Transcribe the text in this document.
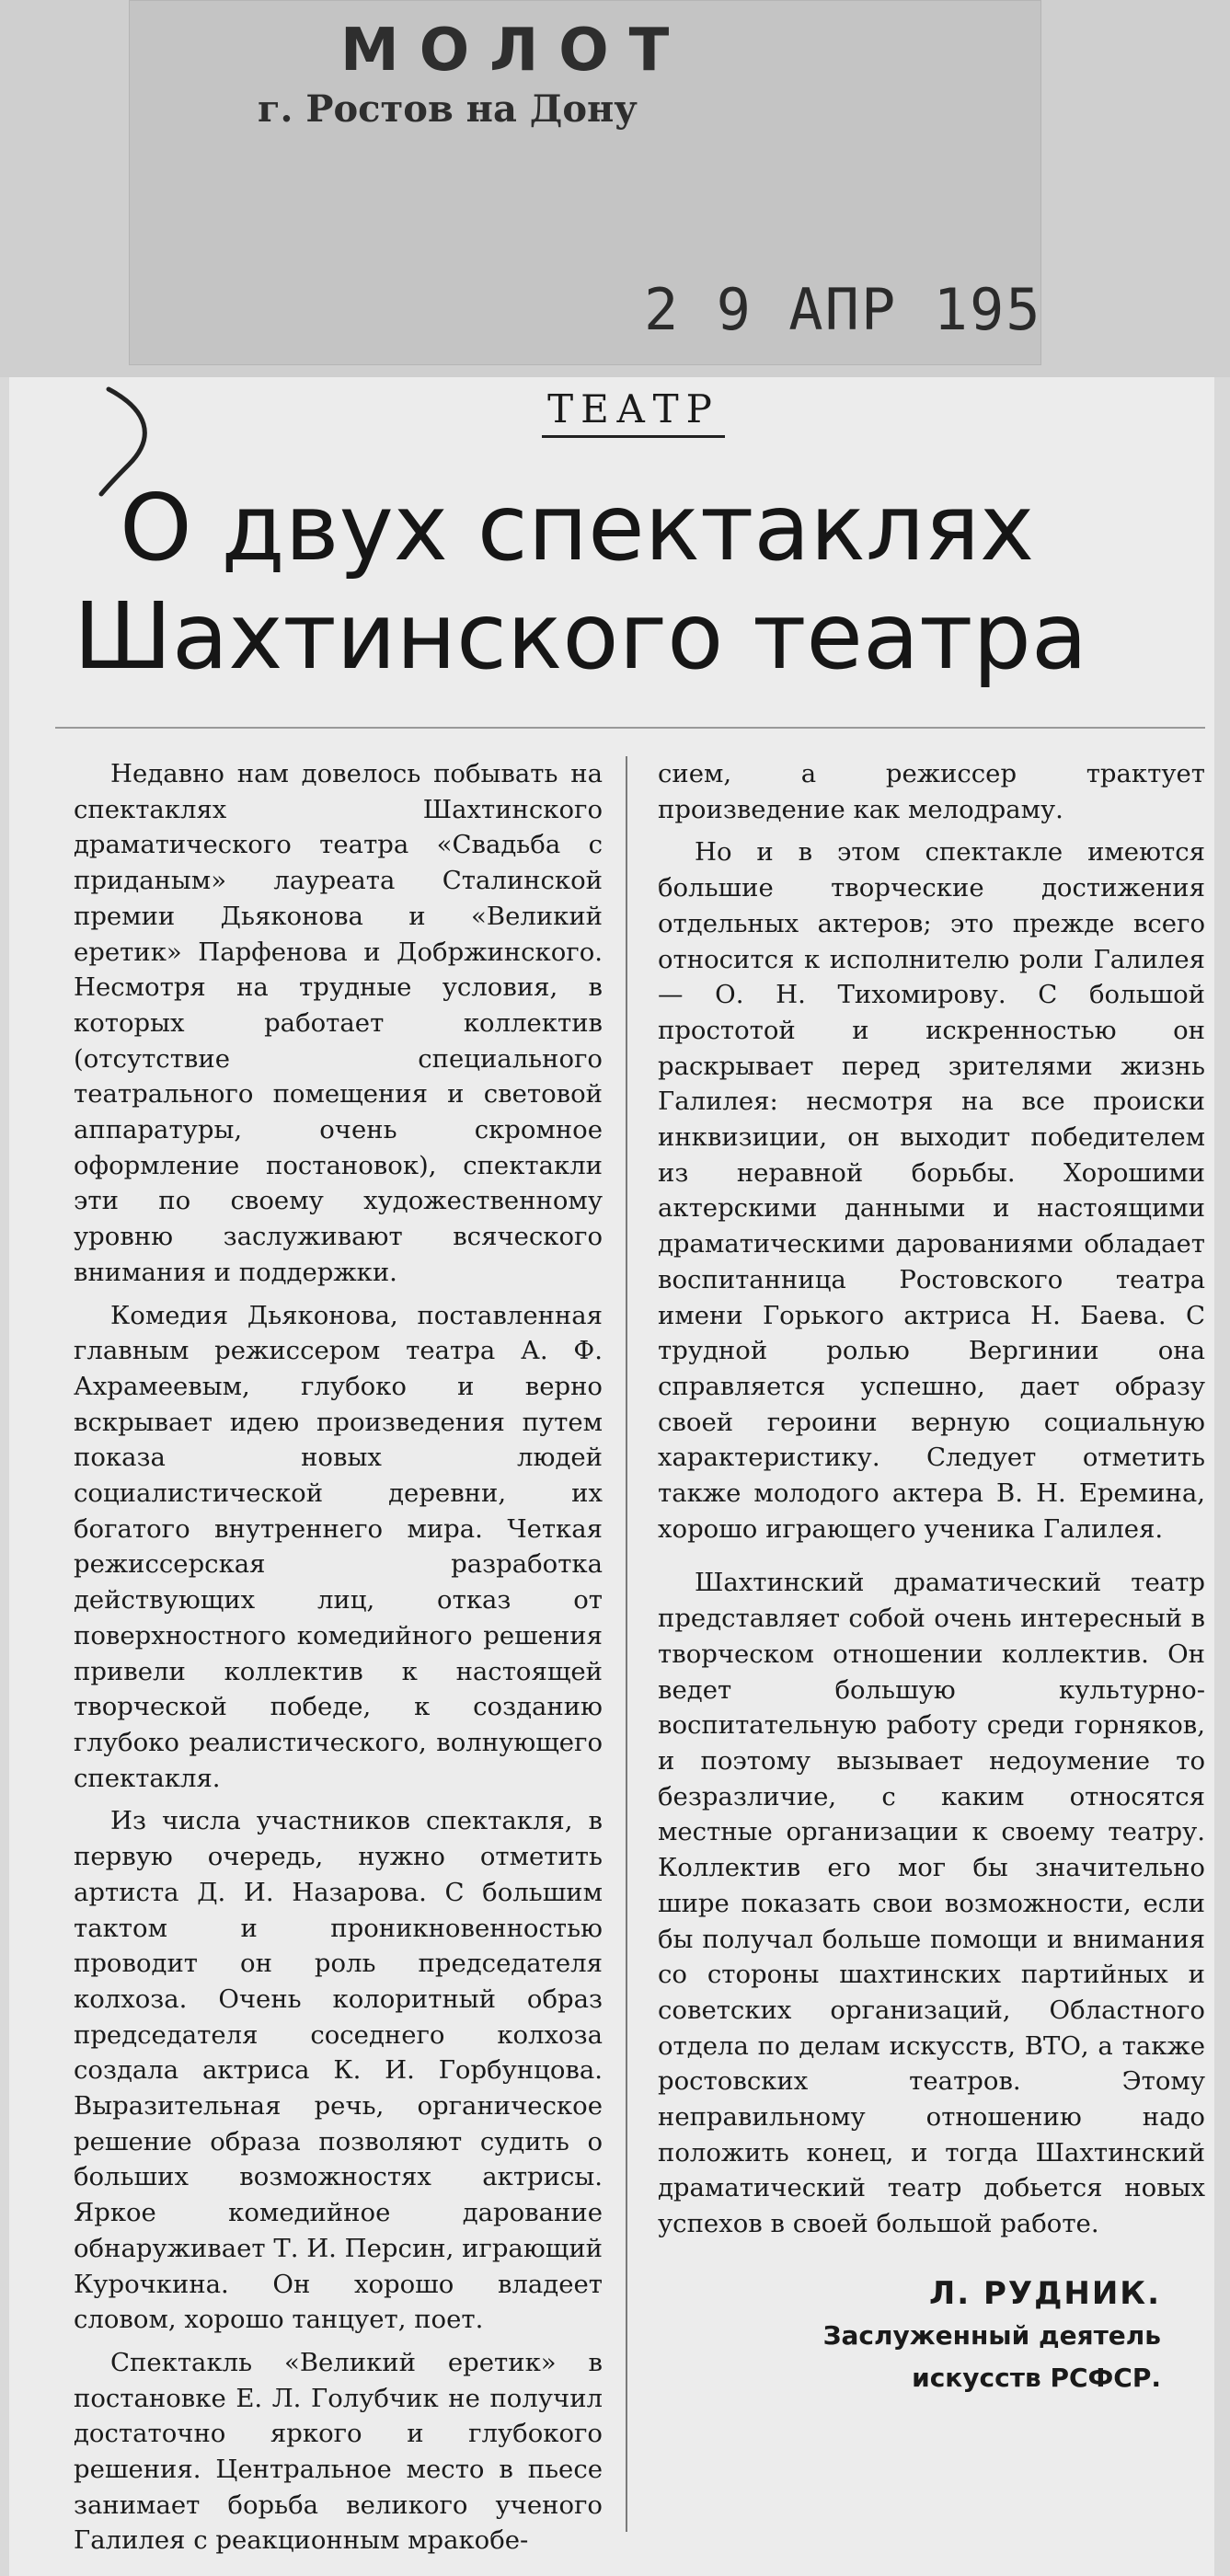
МОЛОТ
г. Ростов на Дону
2 9 АПР 195
ТЕАТР
О двух спектаклях
Шахтинского театра

Недавно нам довелось побывать на спектаклях Шахтинского драматического театра «Свадьба с приданым» лауреата Сталинской премии Дьяконова и «Великий еретик» Парфенова и Добржинского. Несмотря на трудные условия, в которых работает коллектив (отсутствие специального театрального помещения и световой аппаратуры, очень скромное оформление постановок), спектакли эти по своему художественному уровню заслуживают всяческого внимания и поддержки.

Комедия Дьяконова, поставленная главным режиссером театра А. Ф. Ахрамеевым, глубоко и верно вскрывает идею произведения путем показа новых людей социалистической деревни, их богатого внутреннего мира. Четкая режиссерская разработка действующих лиц, отказ от поверхностного комедийного решения привели коллектив к настоящей творческой победе, к созданию глубоко реалистического, волнующего спектакля.

Из числа участников спектакля, в первую очередь, нужно отметить артиста Д. И. Назарова. С большим тактом и проникновенностью проводит он роль председателя колхоза. Очень колоритный образ председателя соседнего колхоза создала актриса К. И. Горбунцова. Выразительная речь, органическое решение образа позволяют судить о больших возможностях актрисы. Яркое комедийное дарование обнаруживает Т. И. Персин, играющий Курочкина. Он хорошо владеет словом, хорошо танцует, поет.

Спектакль «Великий еретик» в постановке Е. Л. Голубчик не получил достаточно яркого и глубокого решения. Центральное место в пьесе занимает борьба великого ученого Галилея с реакционным мракобе-

сием, а режиссер трактует произведение как мелодраму.

Но и в этом спектакле имеются большие творческие достижения отдельных актеров; это прежде всего относится к исполнителю роли Галилея — О. Н. Тихомирову. С большой простотой и искренностью он раскрывает перед зрителями жизнь Галилея: несмотря на все происки инквизиции, он выходит победителем из неравной борьбы. Хорошими актерскими данными и настоящими драматическими дарованиями обладает воспитанница Ростовского театра имени Горького актриса Н. Баева. С трудной ролью Вергинии она справляется успешно, дает образу своей героини верную социальную характеристику. Следует отметить также молодого актера В. Н. Еремина, хорошо играющего ученика Галилея.

Шахтинский драматический театр представляет собой очень интересный в творческом отношении коллектив. Он ведет большую культурно-воспитательную работу среди горняков, и поэтому вызывает недоумение то безразличие, с каким относятся местные организации к своему театру. Коллектив его мог бы значительно шире показать свои возможности, если бы получал больше помощи и внимания со стороны шахтинских партийных и советских организаций, Областного отдела по делам искусств, ВТО, а также ростовских театров. Этому неправильному отношению надо положить конец, и тогда Шахтинский драматический театр добьется новых успехов в своей большой работе.

Л. РУДНИК.
Заслуженный деятель
искусств РСФСР.
